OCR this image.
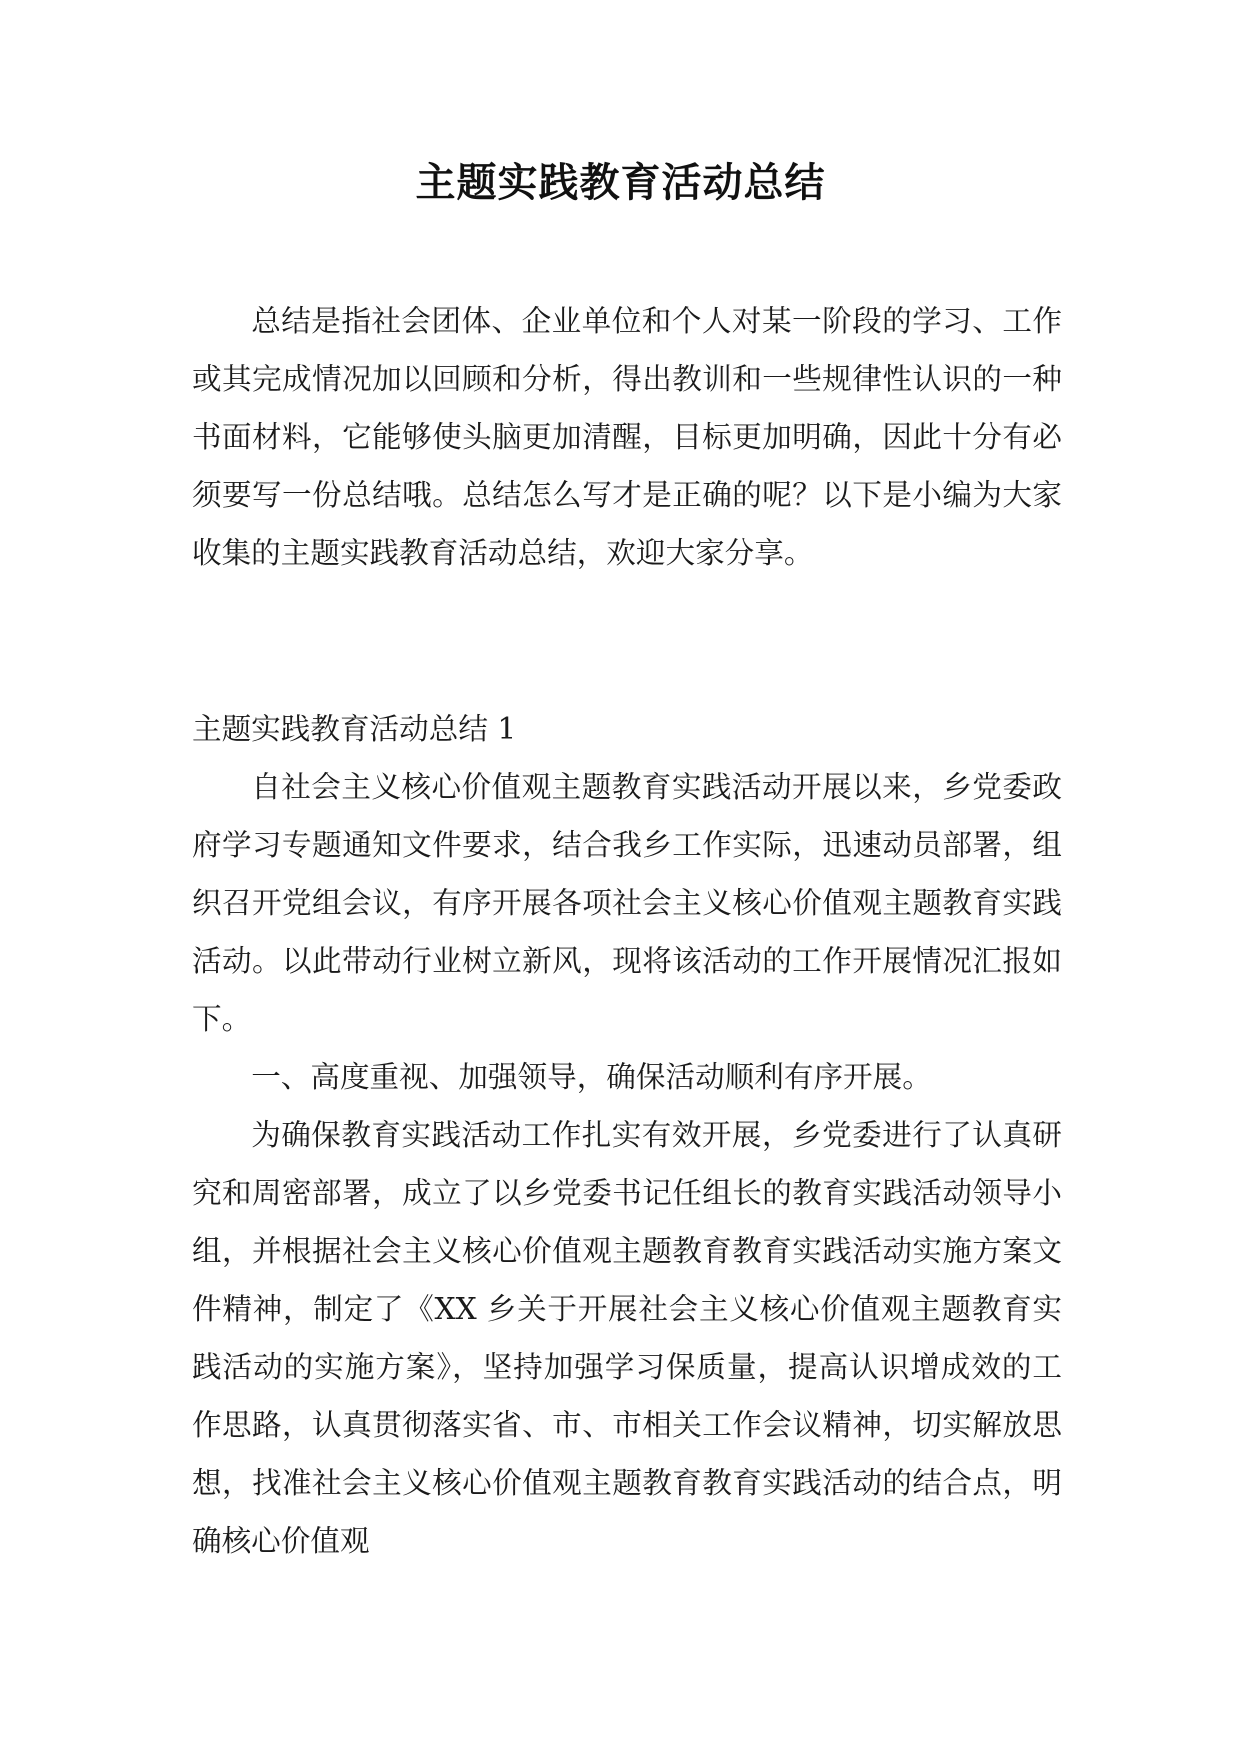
主题实践教育活动总结

总结是指社会团体、企业单位和个人对某一阶段的学习、工作或其完成情况加以回顾和分析，得出教训和一些规律性认识的一种书面材料，它能够使头脑更加清醒，目标更加明确，因此十分有必须要写一份总结哦。总结怎么写才是正确的呢？以下是小编为大家收集的主题实践教育活动总结，欢迎大家分享。

主题实践教育活动总结 1

自社会主义核心价值观主题教育实践活动开展以来，乡党委政府学习专题通知文件要求，结合我乡工作实际，迅速动员部署，组织召开党组会议，有序开展各项社会主义核心价值观主题教育实践活动。以此带动行业树立新风，现将该活动的工作开展情况汇报如下。

一、高度重视、加强领导，确保活动顺利有序开展。

为确保教育实践活动工作扎实有效开展，乡党委进行了认真研究和周密部署，成立了以乡党委书记任组长的教育实践活动领导小组，并根据社会主义核心价值观主题教育教育实践活动实施方案文件精神，制定了《XX 乡关于开展社会主义核心价值观主题教育实践活动的实施方案》，坚持加强学习保质量，提高认识增成效的工作思路，认真贯彻落实省、市、市相关工作会议精神，切实解放思想，找准社会主义核心价值观主题教育教育实践活动的结合点，明确核心价值观
